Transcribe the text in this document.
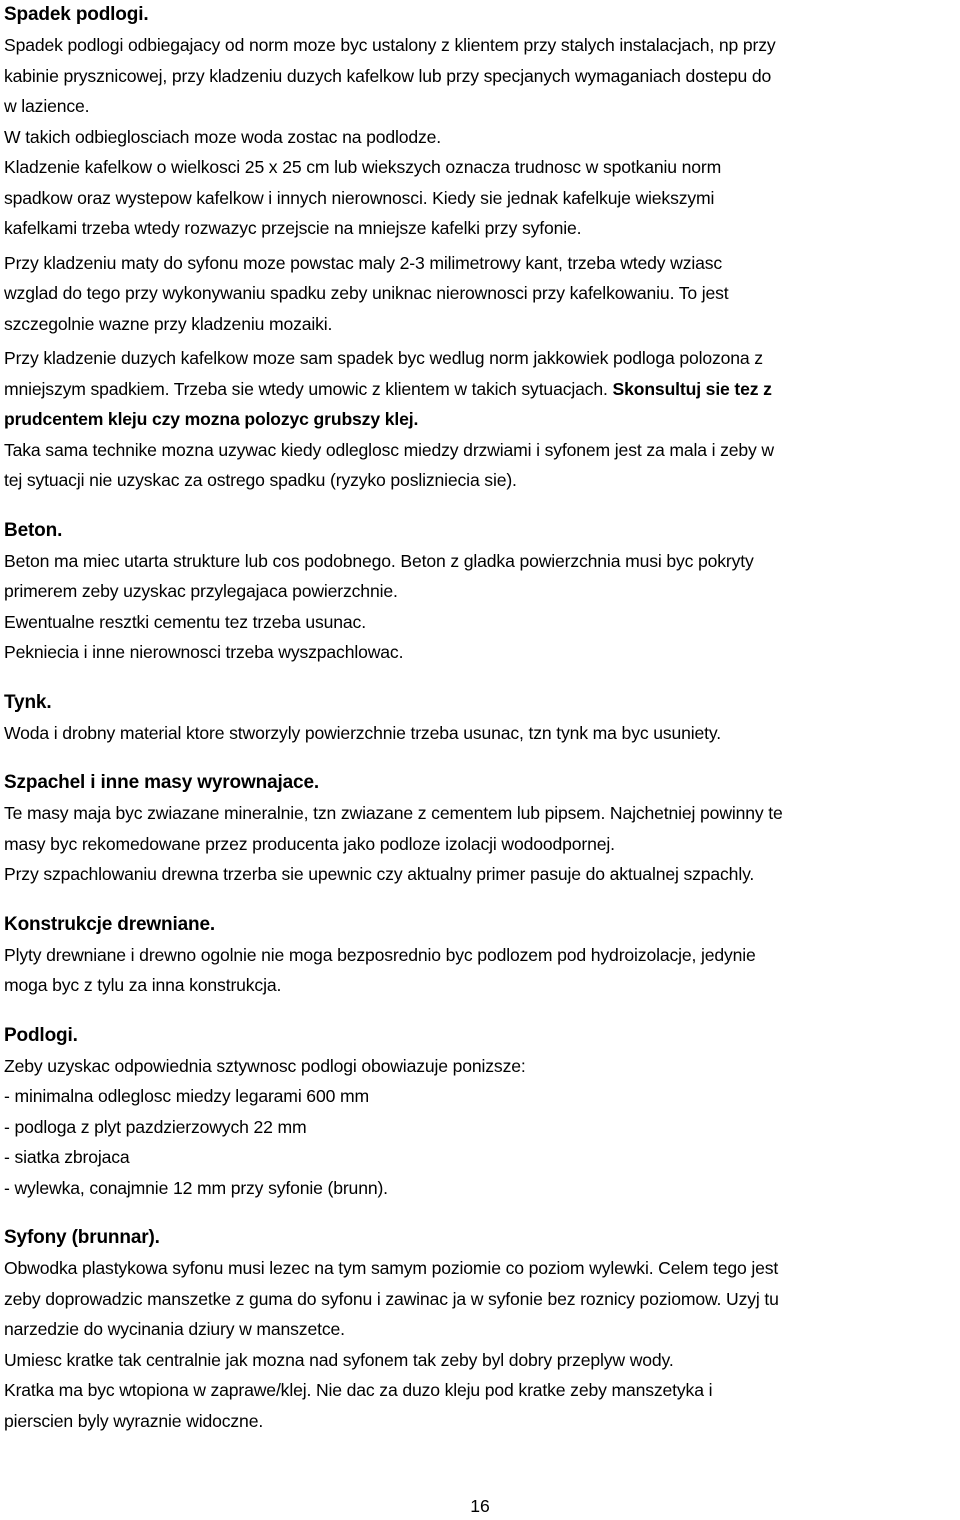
Spadek podlogi.
Spadek podlogi odbiegajacy od norm moze byc ustalony z klientem przy stalych instalacjach, np przy
kabinie prysznicowej, przy kladzeniu duzych kafelkow lub przy specjanych wymaganiach dostepu do
w lazience.
W takich odbieglosciach moze woda zostac na podlodze.
Kladzenie kafelkow o wielkosci 25 x 25 cm lub wiekszych oznacza trudnosc w spotkaniu norm
spadkow oraz wystepow kafelkow i innych nierownosci. Kiedy sie jednak kafelkuje wiekszymi
kafelkami trzeba wtedy rozwazyc przejscie na mniejsze kafelki przy syfonie.
Przy kladzeniu maty do syfonu moze powstac maly 2-3 milimetrowy kant, trzeba wtedy wziasc
wzglad do tego przy wykonywaniu spadku zeby uniknac nierownosci przy kafelkowaniu. To jest
szczegolnie wazne przy kladzeniu mozaiki.
Przy kladzenie duzych kafelkow moze sam spadek byc wedlug norm jakkowiek podloga polozona z
mniejszym spadkiem. Trzeba sie wtedy umowic z klientem w takich sytuacjach. Skonsultuj sie tez z
prudcentem kleju czy mozna polozyc grubszy klej.
Taka sama technike mozna uzywac kiedy odleglosc miedzy drzwiami i syfonem jest za mala i zeby w
tej sytuacji nie uzyskac za ostrego spadku (ryzyko poslizniecia sie).
Beton.
Beton ma miec utarta strukture lub cos podobnego. Beton z gladka powierzchnia musi byc pokryty
primerem zeby uzyskac przylegajaca powierzchnie.
Ewentualne resztki cementu tez trzeba usunac.
Pekniecia i inne nierownosci trzeba wyszpachlowac.
Tynk.
Woda i drobny material ktore stworzyly powierzchnie trzeba usunac, tzn tynk ma byc usuniety.
Szpachel i inne masy wyrownajace.
Te masy maja byc zwiazane mineralnie, tzn zwiazane z cementem lub pipsem. Najchetniej powinny te
masy byc rekomedowane przez producenta jako podloze izolacji wodoodpornej.
Przy szpachlowaniu drewna trzerba sie upewnic czy aktualny primer pasuje do aktualnej szpachly.
Konstrukcje drewniane.
Plyty drewniane i drewno ogolnie nie moga bezposrednio byc podlozem pod hydroizolacje, jedynie
moga byc z tylu za inna konstrukcja.
Podlogi.
Zeby uzyskac odpowiednia sztywnosc podlogi obowiazuje ponizsze:
- minimalna odleglosc miedzy legarami 600 mm
- podloga z plyt pazdzierzowych 22 mm
- siatka zbrojaca
- wylewka, conajmnie 12 mm przy syfonie (brunn).
Syfony (brunnar).
Obwodka plastykowa syfonu musi lezec na tym samym poziomie co poziom wylewki. Celem tego jest
zeby doprowadzic manszetke z guma do syfonu i zawinac ja w syfonie bez roznicy poziomow. Uzyj tu
narzedzie do wycinania dziury w manszetce.
Umiesc kratke tak centralnie jak mozna nad syfonem tak zeby byl dobry przeplyw wody.
Kratka ma byc wtopiona w zaprawe/klej. Nie dac za duzo kleju pod kratke zeby manszetyka i
pierscien byly wyraznie widoczne.
16
